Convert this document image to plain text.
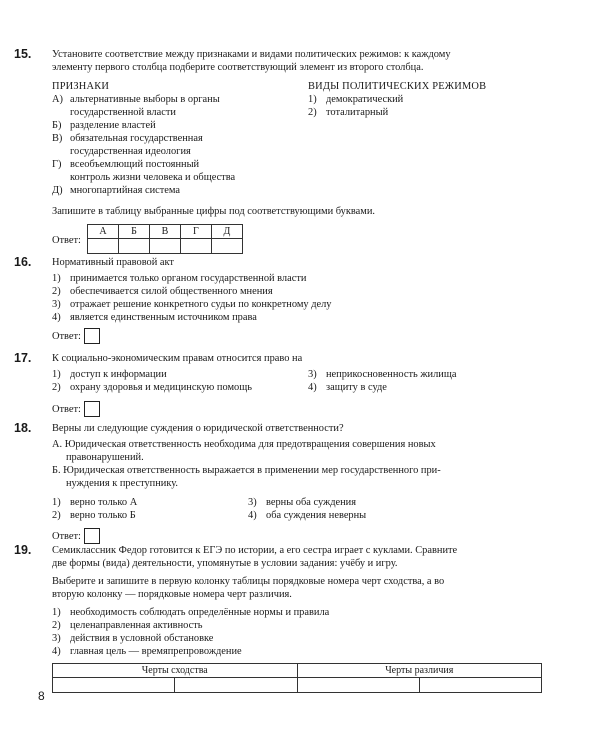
15. Установите соответствие между признаками и видами политических режимов: к каждому
элементу первого столбца подберите соответствующий элемент из второго столбца.
ПРИЗНАКИ
А) альтернативные выборы в органы
государственной власти
Б) разделение властей
В) обязательная государственная
государственная идеология
Г) всеобъемлющий постоянный
контроль жизни человека и общества
Д) многопартийная система
ВИДЫ ПОЛИТИЧЕСКИХ РЕЖИМОВ
1) демократический
2) тоталитарный
Запишите в таблицу выбранные цифры под соответствующими буквами.
Ответ:
А	Б	В	Г	Д

16. Нормативный правовой акт
1) принимается только органом государственной власти
2) обеспечивается силой общественного мнения
3) отражает решение конкретного судьи по конкретному делу
4) является единственным источником права
Ответ:
17. К социально-экономическим правам относится право на
1) доступ к информации	3) неприкосновенность жилища
2) охрану здоровья и медицинскую помощь	4) защиту в суде
Ответ:
18. Верны ли следующие суждения о юридической ответственности?
А. Юридическая ответственность необходима для предотвращения совершения новых
правонарушений.
Б. Юридическая ответственность выражается в применении мер государственного при-
нуждения к преступнику.
1) верно только А	3) верны оба суждения
2) верно только Б	4) оба суждения неверны
Ответ:
19. Семиклассник Федор готовится к ЕГЭ по истории, а его сестра играет с куклами. Сравните
две формы (вида) деятельности, упомянутые в условии задания: учёбу и игру.
Выберите и запишите в первую колонку таблицы порядковые номера черт сходства, а во
вторую колонку — порядковые номера черт различия.
1) необходимость соблюдать определённые нормы и правила
2) целенаправленная активность
3) действия в условной обстановке
4) главная цель — времяпрепровождение
Черты сходства		Черты различия	

8
